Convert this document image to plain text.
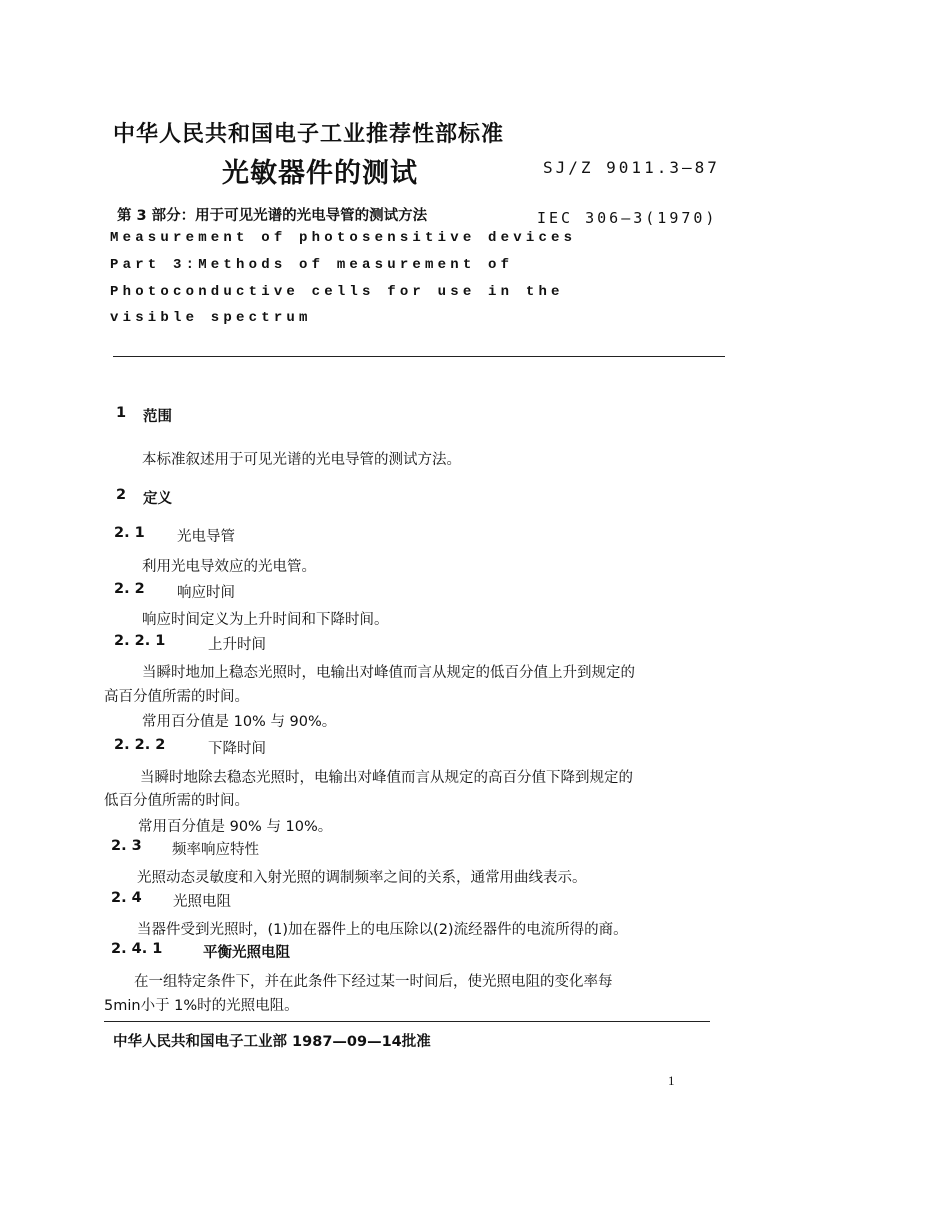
中华人民共和国电子工业推荐性部标准
光敏器件的测试	SJ/Z 9011.3—87
第 3 部分：用于可见光谱的光电导管的测试方法	IEC 306—3(1970)
Measurement of photosensitive devices
Part 3:Methods of measurement of
Photoconductive cells for use in the
visible spectrum
1 范围
本标准叙述用于可见光谱的光电导管的测试方法。
2 定义
2. 1 光电导管
利用光电导效应的光电管。
2. 2 响应时间
响应时间定义为上升时间和下降时间。
2. 2. 1	上升时间
当瞬时地加上稳态光照时，电输出对峰值而言从规定的低百分值上升到规定的
高百分值所需的时间。
常用百分值是 10% 与 90%。
2. 2. 2	下降时间
当瞬时地除去稳态光照时，电输出对峰值而言从规定的高百分值下降到规定的
低百分值所需的时间。
常用百分值是 90% 与 10%。
2. 3 频率响应特性
光照动态灵敏度和入射光照的调制频率之间的关系，通常用曲线表示。
2. 4 光照电阻
当器件受到光照时，(1)加在器件上的电压除以(2)流经器件的电流所得的商。
2. 4. 1	平衡光照电阻
在一组特定条件下，并在此条件下经过某一时间后，使光照电阻的变化率每
5min小于 1%时的光照电阻。
中华人民共和国电子工业部 1987—09—14批准
1
